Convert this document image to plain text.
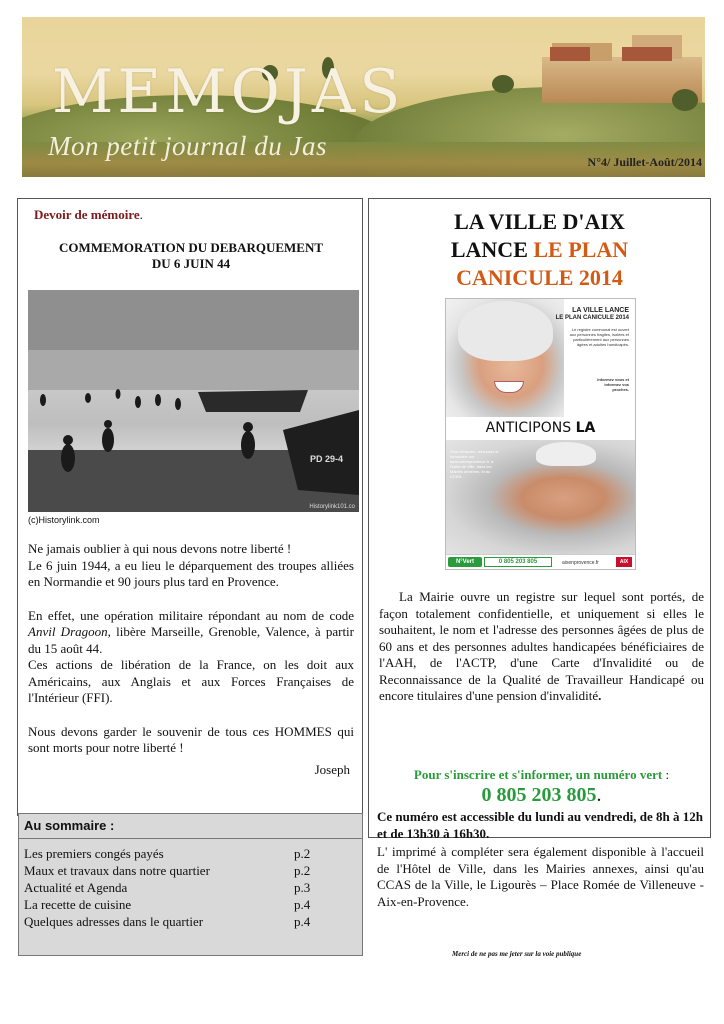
MEMOJAS
Mon petit journal du Jas
N°4/ Juillet-Août/2014
Devoir de mémoire.
COMMEMORATION DU DEBARQUEMENT
DU 6 JUIN 44
PD 29-4
Historylink101.co
(c)Historylink.com

Ne jamais oublier à qui nous devons notre liberté !

Le 6 juin 1944, a eu lieu le déparquement des troupes alliées en Normandie et 90 jours plus tard en Provence.

En effet, une opération militaire répondant au nom de code Anvil Dragoon, libère Marseille, Grenoble, Valence, à partir du 15 août 44.

Ces actions de libération de la France, on les doit aux Américains, aux Anglais et aux Forces Françaises de l'Intérieur (FFI).

Nous devons garder le souvenir de tous ces HOMMES qui sont morts pour notre liberté !

Joseph
Au sommaire :
Les premiers congés payés	p.2
Maux et travaux dans notre quartier	p.2
Actualité et Agenda	p.3
La recette de cuisine	p.4
Quelques adresses dans le quartier	p.4
LA VILLE D'AIX
LANCE LE PLAN
CANICULE 2014
LA VILLE LANCE
LE PLAN CANICULE 2014
Le registre communal est ouvert aux personnes fragiles, isolées et particulièrement aux personnes âgées et adultes handicapés.
Informez vous et informez vos proches.
ANTICIPONS LA
Pour s'inscrire, retournez le formulaire sur www.aixenprovence.fr, à l'hôtel de Ville, dans les Mairies annexes, et au CCAS.
N°Vert	0 805 203 805	aixenprovence.fr	AIX
La Mairie ouvre un registre sur lequel sont portés, de façon totalement confidentielle, et uniquement si elles le souhaitent, le nom et l'adresse des personnes âgées de plus de 60 ans et des personnes adultes handicapées bénéficiaires de l'AAH, de l'ACTP, d'une Carte d'Invalidité ou de Reconnaissance de la Qualité de Travailleur Handicapé ou encore titulaires d'une pension d'invalidité.
Pour s'inscrire et s'informer, un numéro vert :
0 805 203 805.
Ce numéro est accessible du lundi au vendredi, de 8h à 12h et de 13h30 à 16h30.
L' imprimé à compléter sera également disponible à l'accueil de l'Hôtel de Ville, dans les Mairies annexes, ainsi qu'au CCAS de la Ville, le Ligourès – Place Romée de Villeneuve - Aix-en-Provence.
Merci de ne pas me jeter sur la voie publique
